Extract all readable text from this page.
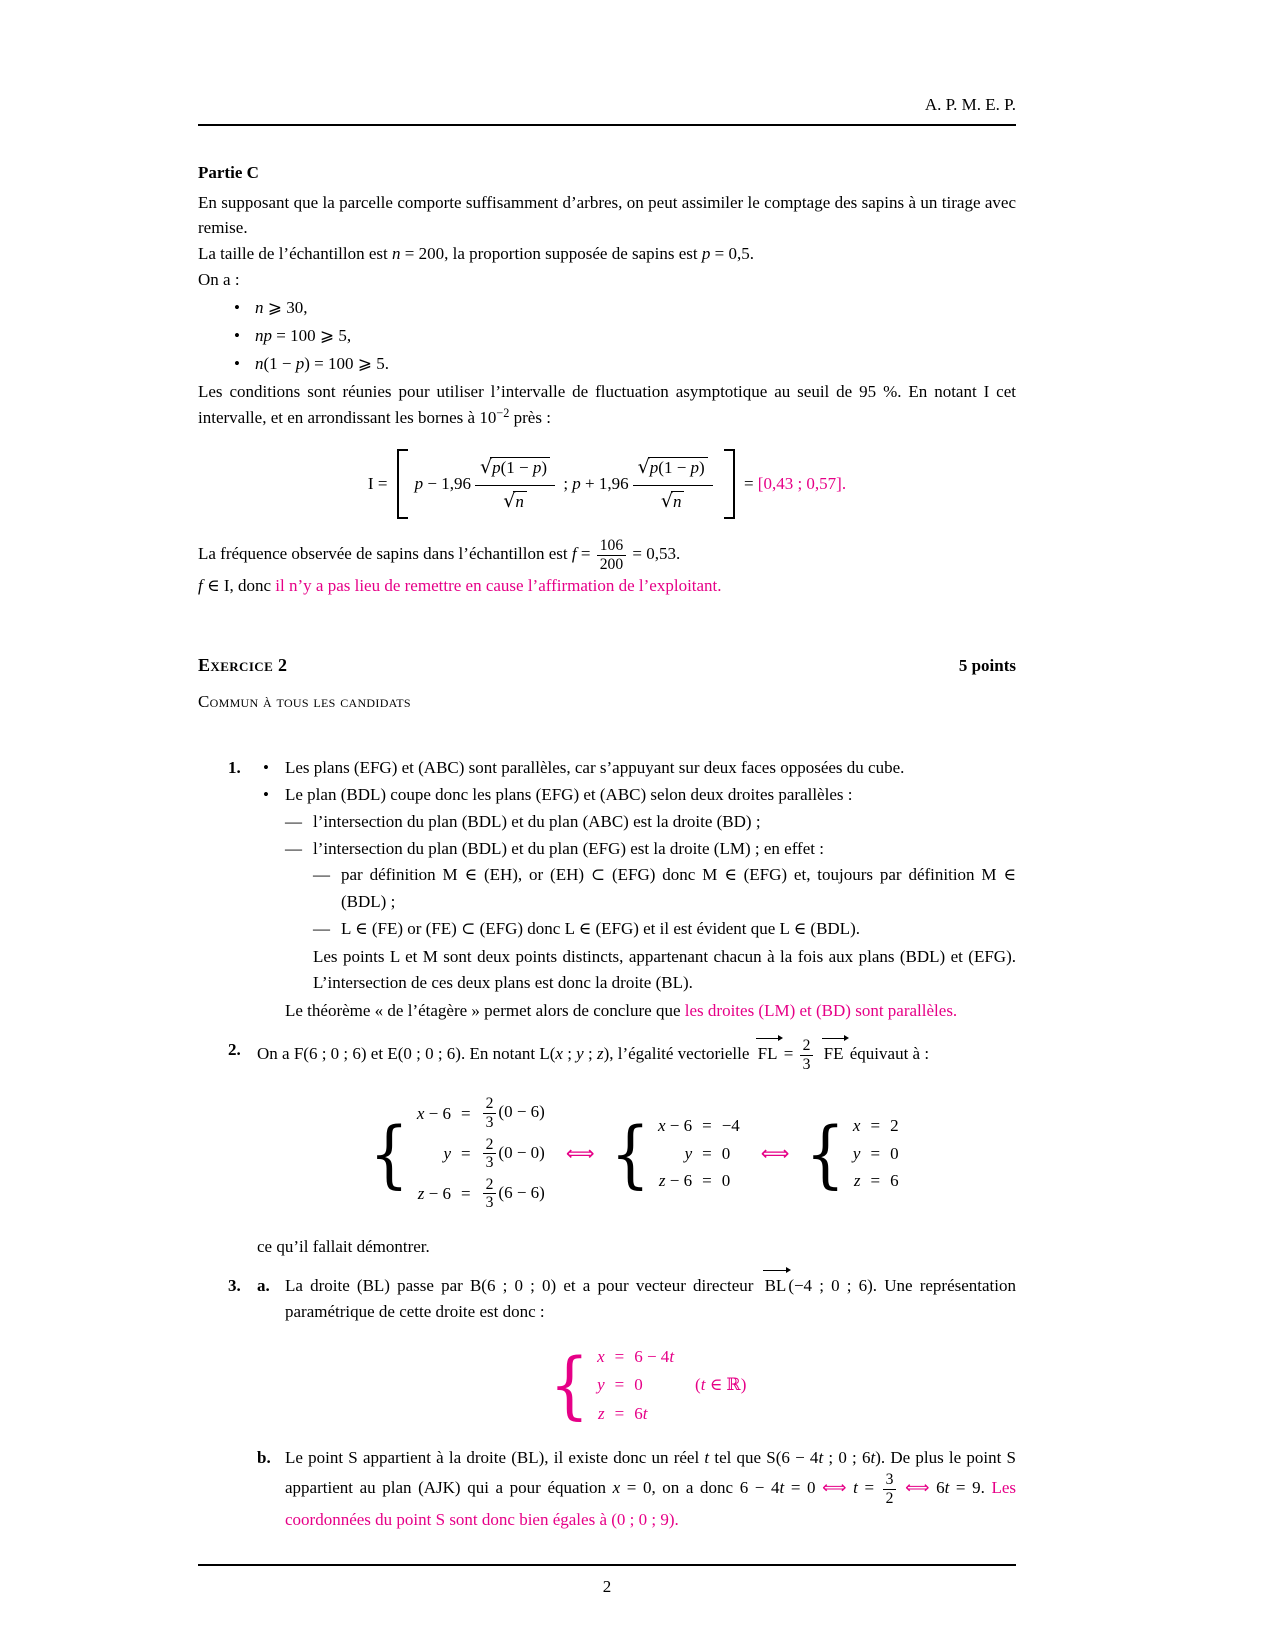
A. P. M. E. P.

Partie C

En supposant que la parcelle comporte suffisamment d’arbres, on peut assimiler le comptage des sapins à un tirage avec remise.

La taille de l’échantillon est n = 200, la proportion supposée de sapins est p = 0,5.

On a :

• n ⩾ 30,
• np = 100 ⩾ 5,
• n(1 − p) = 100 ⩾ 5.

Les conditions sont réunies pour utiliser l’intervalle de fluctuation asymptotique au seuil de 95 %. En notant I cet intervalle, et en arrondissant les bornes à $10^{-2}$ près :

I = p − 1,96
√ p(1 − p)
√ n
; p + 1,96
√ p(1 − p)
√ n
= [0,43 ; 0,57].

La fréquence observée de sapins dans l’échantillon est $f = \frac{106}{200} = 0,53$.

f ∈ I, donc il n’y a pas lieu de remettre en cause l’affirmation de l’exploitant.

Exercice 2	5 points
Commun à tous les candidats
1. • Les plans (EFG) et (ABC) sont parallèles, car s’appuyant sur deux faces opposées du cube.
• Le plan (BDL) coupe donc les plans (EFG) et (ABC) selon deux droites parallèles :
— l’intersection du plan (BDL) et du plan (ABC) est la droite (BD) ;
— l’intersection du plan (BDL) et du plan (EFG) est la droite (LM) ; en effet :
— par définition M ∈ (EH), or (EH) ⊂ (EFG) donc M ∈ (EFG) et, toujours par définition M ∈ (BDL) ;
— L ∈ (FE) or (FE) ⊂ (EFG) donc L ∈ (EFG) et il est évident que L ∈ (BDL).
Les points L et M sont deux points distincts, appartenant chacun à la fois aux plans (BDL) et (EFG). L’intersection de ces deux plans est donc la droite (BL).
Le théorème « de l’étagère » permet alors de conclure que les droites (LM) et (BD) sont parallèles.
2. On a F(6 ; 0 ; 6) et E(0 ; 0 ; 6). En notant L(x ; y ; z), l’égalité vectorielle FL = $\frac{2}{3}$ FE équivaut à :
{ x − 6	=	$\frac{2}{3} (0 - 6)$
y	=	$\frac{2}{3} (0 - 0)$
z − 6	=	$\frac{2}{3} (6 - 6)$
⟺ { x − 6	=	−4
y	=	0
z − 6	=	0
⟺ { x	=	2
y	=	0
z	=	6
ce qu’il fallait démontrer.
3. a. La droite (BL) passe par B(6 ; 0 ; 0) et a pour vecteur directeur BL (−4 ; 0 ; 6). Une représentation paramétrique de cette droite est donc :
{ x	=	6 − 4t	
y	=	0	(t ∈ ℝ)
z	=	6t	
b. Le point S appartient à la droite (BL), il existe donc un réel t tel que S(6 − 4t ; 0 ; 6t). De plus le point S appartient au plan (AJK) qui a pour équation x = 0, on a donc 6 − 4t = 0 ⟺ $t = \frac{3}{2}$ ⟺ 6t = 9. Les coordonnées du point S sont donc bien égales à (0 ; 0 ; 9).
2
